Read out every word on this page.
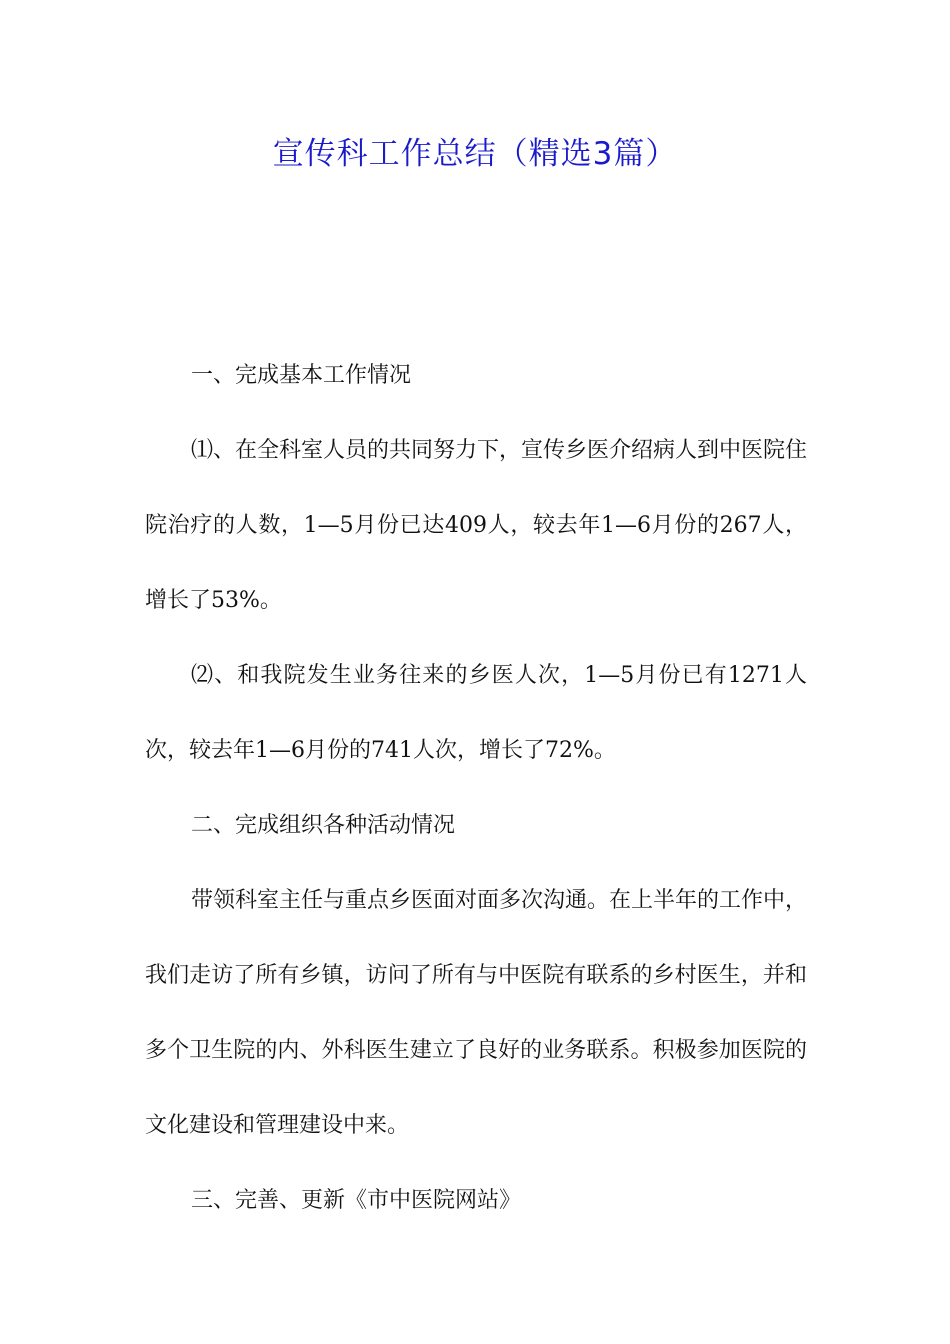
宣传科工作总结（精选3篇）

一、完成基本工作情况

⑴、在全科室人员的共同努力下，宣传乡医介绍病人到中医院住院治疗的人数，1—5月份已达409人，较去年1—6月份的267人，增长了53%。

⑵、和我院发生业务往来的乡医人次，1—5月份已有1271人次，较去年1—6月份的741人次，增长了72%。

二、完成组织各种活动情况

带领科室主任与重点乡医面对面多次沟通。在上半年的工作中，我们走访了所有乡镇，访问了所有与中医院有联系的乡村医生，并和多个卫生院的内、外科医生建立了良好的业务联系。积极参加医院的文化建设和管理建设中来。

三、完善、更新《市中医院网站》
